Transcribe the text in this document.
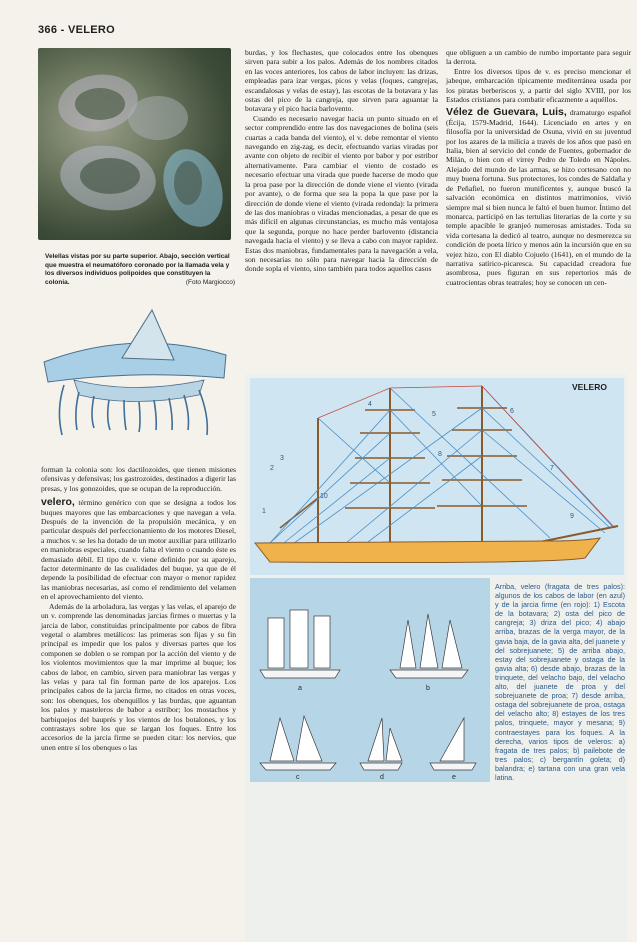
366 - VELERO
Velellas vistas por su parte superior. Abajo, sección vertical que muestra el neumatóforo coronado por la llamada vela y los diversos individuos polipoides que constituyen la colonia.	(Foto Margiocco)

forman la colonia son: los dactilozoides, que tienen misiones ofensivas y defensivas; los gastrozoides, destinados a digerir las presas, y los gonozoides, que se ocupan de la reproducción.

velero, término genérico con que se designa a todos los buques mayores que las embarcaciones y que navegan a vela. Después de la invención de la propulsión mecánica, y en particular después del perfeccionamiento de los motores Diesel, a muchos v. se les ha dotado de un motor auxiliar para utilizarlo en maniobras especiales, cuando falta el viento o cuando éste es demasiado débil. El tipo de v. viene definido por su aparejo, factor determinante de las cualidades del buque, ya que de él depende la posibilidad de efectuar con mayor o menor rapidez las maniobras necesarias, así como el rendimiento del velamen en el aprovechamiento del viento.

Además de la arboladura, las vergas y las velas, el aparejo de un v. comprende las denominadas jarcias firmes o muertas y la jarcia de labor, constituidas principalmente por cabos de fibra vegetal o alambres metálicos: las primeras son fijas y su fin principal es impedir que los palos y diversas partes que los componen se doblen o se rompan por la acción del viento y de los violentos movimientos que la mar imprime al buque; los cabos de labor, en cambio, sirven para maniobrar las vergas y las velas y para tal fin forman parte de los aparejos. Los principales cabos de la jarcia firme, no citados en otras voces, son: los obenques, los obenquillos y las burdas, que aguantan los palos y masteleros de babor a estribor; los mostachos y barbiquejos del bauprés y los vientos de los botalones, y los contrastays sobre los que se largan los foques. Entre los accesorios de la jarcia firme se pueden citar: los nervios, que unen entre sí los obenques o las

burdas, y los flechastes, que colocados entre los obenques sirven para subir a los palos. Además de los nombres citados en las voces anteriores, los cabos de labor incluyen: las drizas, empleadas para izar vergas, picos y velas (foques, cangrejas, escandalosas y velas de estay), las escotas de la botavara y las ostas del pico de la cangreja, que sirven para aguantar la botavara y el pico hacia barlovento.

Cuando es necesario navegar hacia un punto situado en el sector comprendido entre las dos navegaciones de bolina (seis cuartas a cada banda del viento), el v. debe remontar el viento navegando en zig-zag, es decir, efectuando varias viradas por avante con objeto de recibir el viento por babor y por estribor alternativamente. Para cambiar el viento de costado es necesario efectuar una virada que puede hacerse de modo que la proa pase por la dirección de donde viene el viento (virada por avante), o de forma que sea la popa la que pase por la dirección de donde viene el viento (virada redonda): la primera de las dos maniobras o viradas mencionadas, a pesar de que es más difícil en algunas circunstancias, es mucho más ventajosa que la segunda, porque no hace perder barlovento (distancia navegada hacia el viento) y se lleva a cabo con mayor rapidez. Estas dos maniobras, fundamentales para la navegación a vela, son necesarias no sólo para navegar hacia la dirección de donde sopla el viento, sino también para todos aquellos casos

que obliguen a un cambio de rumbo importante para seguir la derrota.

Entre los diversos tipos de v. es preciso mencionar el jabeque, embarcación típicamente mediterránea usada por los piratas berberiscos y, a partir del siglo XVIII, por los Estados cristianos para combatir eficazmente a aquéllos.

Vélez de Guevara, Luis, dramaturgo español (Écija, 1579-Madrid, 1644). Licenciado en artes y en filosofía por la universidad de Osuna, vivió en su juventud por los azares de la milicia a través de los años que pasó en Italia, bien al servicio del conde de Fuentes, gobernador de Milán, o bien con el virrey Pedro de Toledo en Nápoles. Alejado del mundo de las armas, se hizo cortesano con no muy buena fortuna. Sus protectores, los condes de Saldaña y de Peñafiel, no fueron munificentes y, aunque buscó la salvación económica en distintos matrimonios, vivió siempre mal si bien nunca le faltó el buen humor. Íntimo del monarca, participó en las tertulias literarias de la corte y su temple apacible le granjeó numerosas amistades. Toda su vida cortesana la dedicó al teatro, aunque no desmerezca su condición de poeta lírico y menos aún la incursión que en su vejez hizo, con El diablo Cojuelo (1641), en el mundo de la narrativa satírico-picaresca. Su capacidad creadora fue asombrosa, pues figuran en sus repertorios más de cuatrocientas obras teatrales; hoy se conocen un cen-

VELERO
1
2
3
4
5	6
7
8
9
10
a	b
c	d	e
Arriba, velero (fragata de tres palos): algunos de los cabos de labor (en azul) y de la jarcia firme (en rojo): 1) Escota de la botavara; 2) osta del pico de cangreja; 3) driza del pico; 4) abajo arriba, brazas de la verga mayor, de la gavia baja, de la gavia alta, del juanete y del sobrejuanete; 5) de arriba abajo, estay del sobrejuanete y ostaga de la gavia alta; 6) desde abajo, brazas de la trinquete, del velacho bajo, del velacho alto, del juanete de proa y del sobrejuanete de proa; 7) desde arriba, ostaga del sobrejuanete de proa, ostaga del velacho alto; 8) estayes de los tres palos, trinquete, mayor y mesana; 9) contraestayes para los foques. A la derecha, varios tipos de veleros: a) fragata de tres palos; b) pailebote de tres palos; c) bergantín goleta; d) balandra; e) tartana con una gran vela latina.
